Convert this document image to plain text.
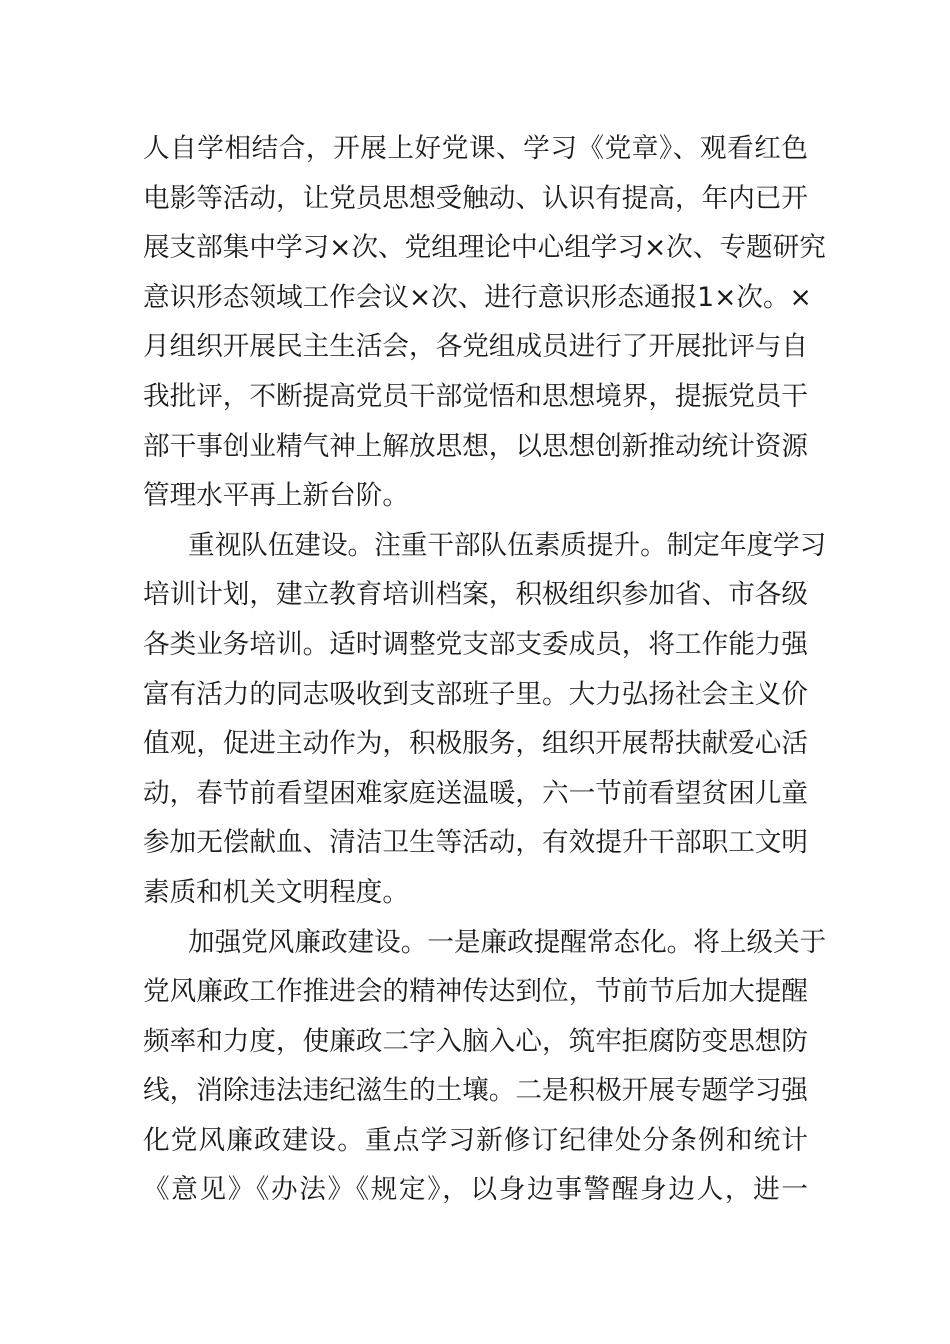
人自学相结合，开展上好党课、学习《党章》、观看红色
电影等活动，让党员思想受触动、认识有提高，年内已开
展支部集中学习×次、党组理论中心组学习×次、专题研究
意识形态领域工作会议×次、进行意识形态通报1×次。×
月组织开展民主生活会，各党组成员进行了开展批评与自
我批评，不断提高党员干部觉悟和思想境界，提振党员干
部干事创业精气神上解放思想，以思想创新推动统计资源
管理水平再上新台阶。
重视队伍建设。注重干部队伍素质提升。制定年度学习
培训计划，建立教育培训档案，积极组织参加省、市各级
各类业务培训。适时调整党支部支委成员，将工作能力强
富有活力的同志吸收到支部班子里。大力弘扬社会主义价
值观，促进主动作为，积极服务，组织开展帮扶献爱心活
动，春节前看望困难家庭送温暖，六一节前看望贫困儿童
参加无偿献血、清洁卫生等活动，有效提升干部职工文明
素质和机关文明程度。
加强党风廉政建设。一是廉政提醒常态化。将上级关于
党风廉政工作推进会的精神传达到位，节前节后加大提醒
频率和力度，使廉政二字入脑入心，筑牢拒腐防变思想防
线，消除违法违纪滋生的土壤。二是积极开展专题学习强
化党风廉政建设。重点学习新修订纪律处分条例和统计
《意见》《办法》《规定》，以身边事警醒身边人，进一
